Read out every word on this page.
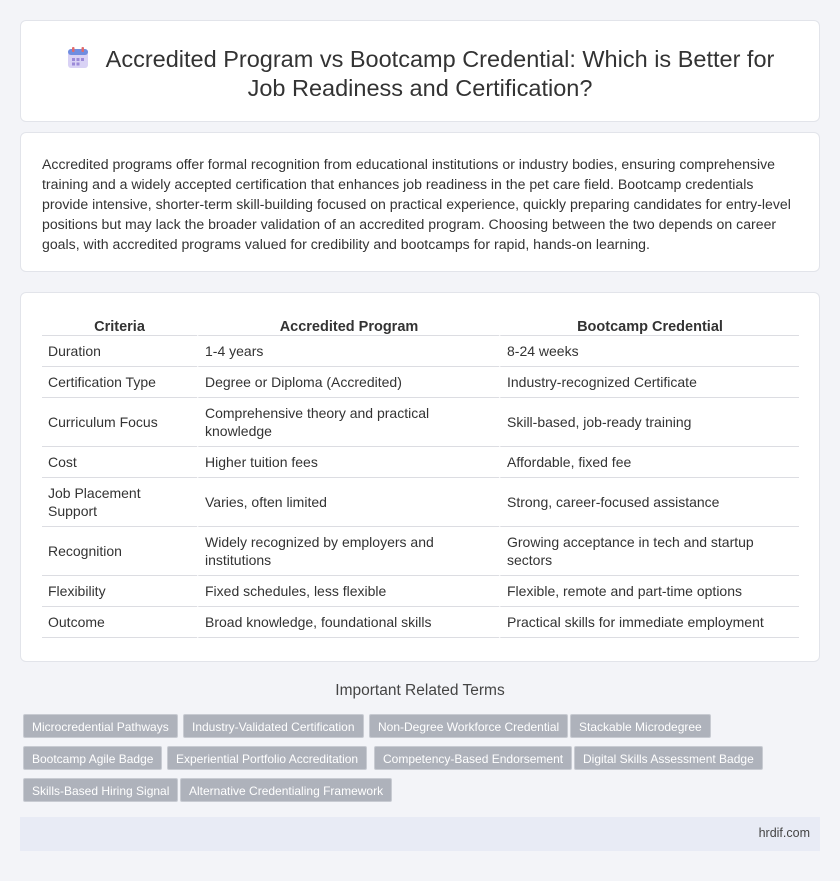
Accredited Program vs Bootcamp Credential: Which is Better for Job Readiness and Certification?

Accredited programs offer formal recognition from educational institutions or industry bodies, ensuring comprehensive training and a widely accepted certification that enhances job readiness in the pet care field. Bootcamp credentials provide intensive, shorter-term skill-building focused on practical experience, quickly preparing candidates for entry-level positions but may lack the broader validation of an accredited program. Choosing between the two depends on career goals, with accredited programs valued for credibility and bootcamps for rapid, hands-on learning.

Criteria	Accredited Program	Bootcamp Credential
Duration	1-4 years	8-24 weeks
Certification Type	Degree or Diploma (Accredited)	Industry-recognized Certificate
Curriculum Focus	Comprehensive theory and practical knowledge	Skill-based, job-ready training
Cost	Higher tuition fees	Affordable, fixed fee
Job Placement Support	Varies, often limited	Strong, career-focused assistance
Recognition	Widely recognized by employers and institutions	Growing acceptance in tech and startup sectors
Flexibility	Fixed schedules, less flexible	Flexible, remote and part-time options
Outcome	Broad knowledge, foundational skills	Practical skills for immediate employment
Important Related Terms
Microcredential Pathways	Industry-Validated Certification	Non-Degree Workforce Credential	Stackable Microdegree
Bootcamp Agile Badge	Experiential Portfolio Accreditation	Competency-Based Endorsement	Digital Skills Assessment Badge
Skills-Based Hiring Signal	Alternative Credentialing Framework
hrdif.com
